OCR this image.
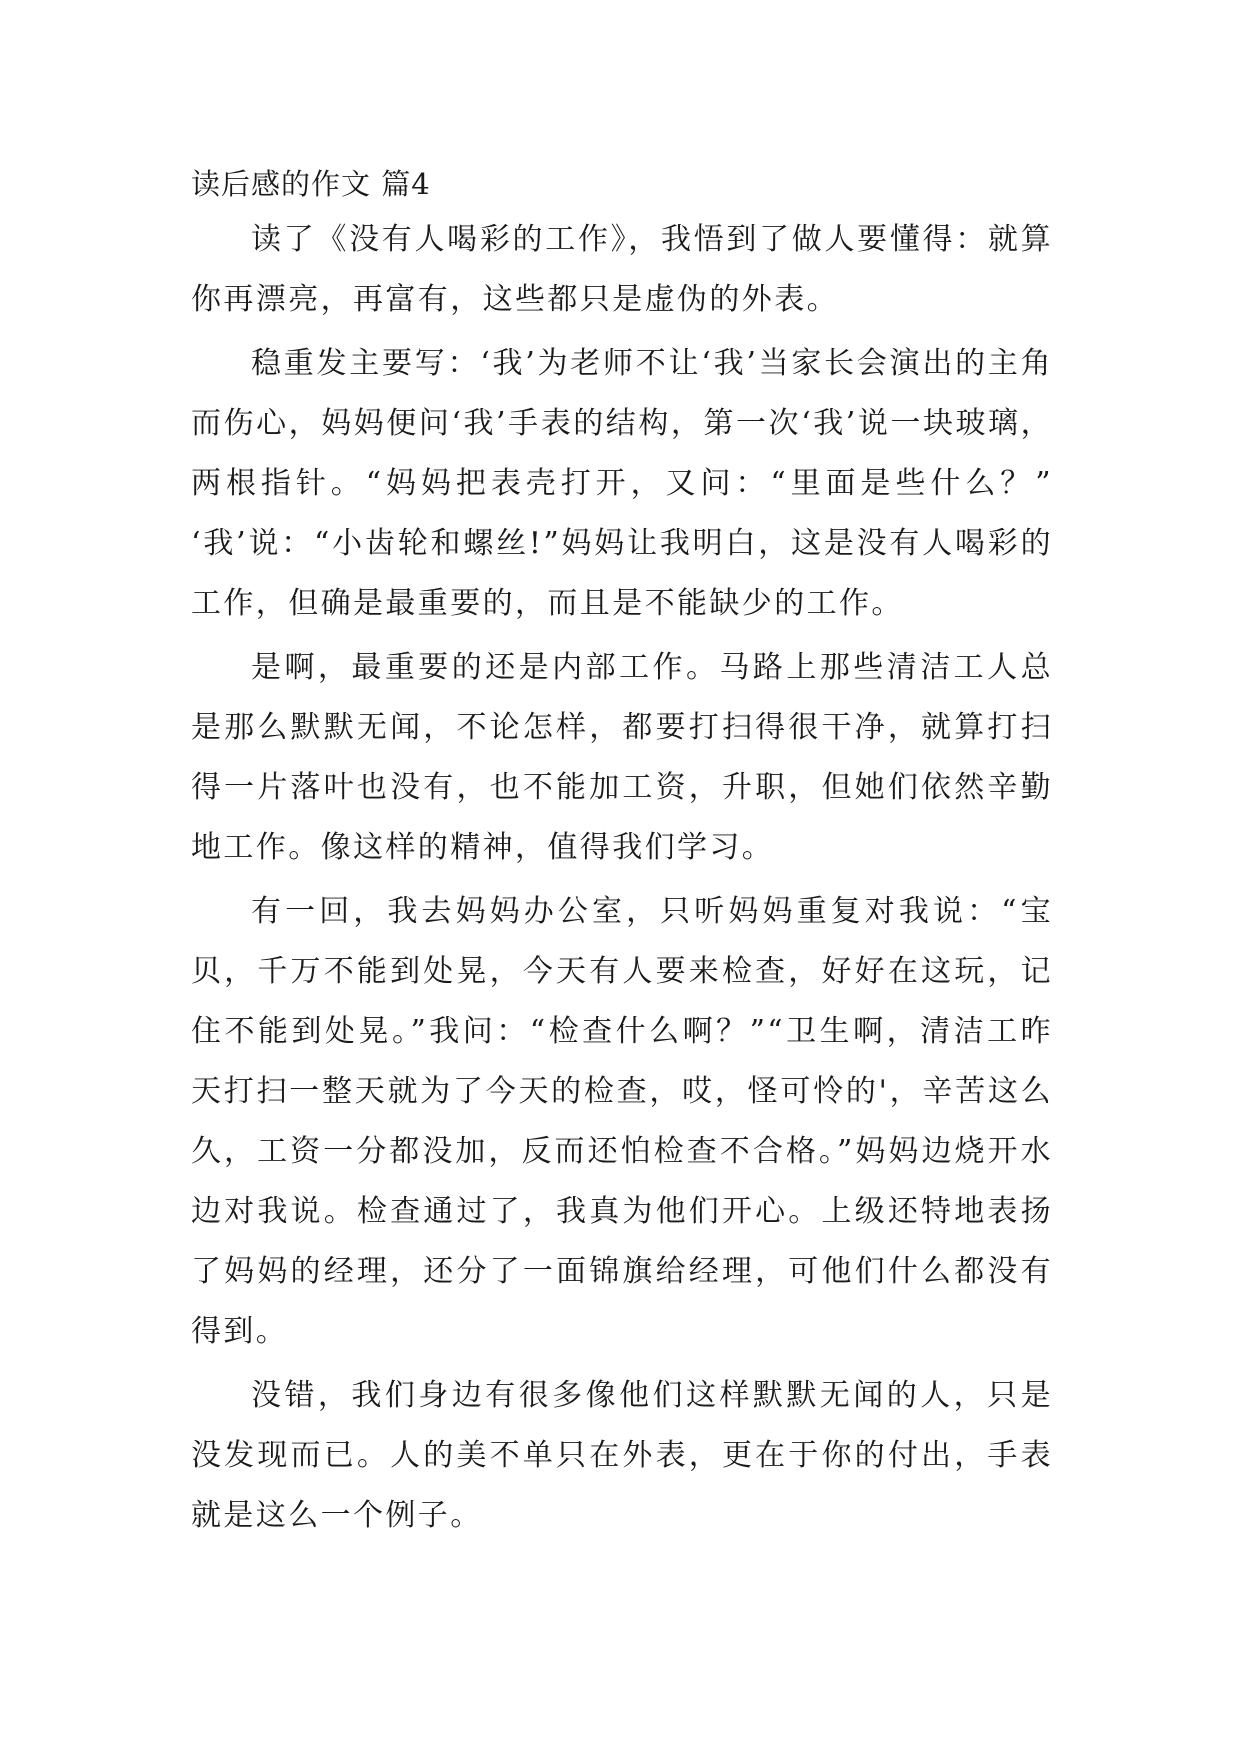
读后感的作文 篇4

读了《没有人喝彩的工作》，我悟到了做人要懂得：就算你再漂亮，再富有，这些都只是虚伪的外表。

稳重发主要写：‘我’为老师不让‘我’当家长会演出的主角而伤心，妈妈便问‘我’手表的结构，第一次‘我’说一块玻璃，两根指针。“妈妈把表壳打开，又问：“里面是些什么？” ‘我’说：“小齿轮和螺丝!”妈妈让我明白，这是没有人喝彩的工作，但确是最重要的，而且是不能缺少的工作。

是啊，最重要的还是内部工作。马路上那些清洁工人总是那么默默无闻，不论怎样，都要打扫得很干净，就算打扫得一片落叶也没有，也不能加工资，升职，但她们依然辛勤地工作。像这样的精神，值得我们学习。

有一回，我去妈妈办公室，只听妈妈重复对我说：“宝贝，千万不能到处晃，今天有人要来检查，好好在这玩，记住不能到处晃。”我问：“检查什么啊？”“卫生啊，清洁工昨天打扫一整天就为了今天的检查，哎，怪可怜的'，辛苦这么久，工资一分都没加，反而还怕检查不合格。”妈妈边烧开水边对我说。检查通过了，我真为他们开心。上级还特地表扬了妈妈的经理，还分了一面锦旗给经理，可他们什么都没有得到。

没错，我们身边有很多像他们这样默默无闻的人，只是没发现而已。人的美不单只在外表，更在于你的付出，手表就是这么一个例子。
